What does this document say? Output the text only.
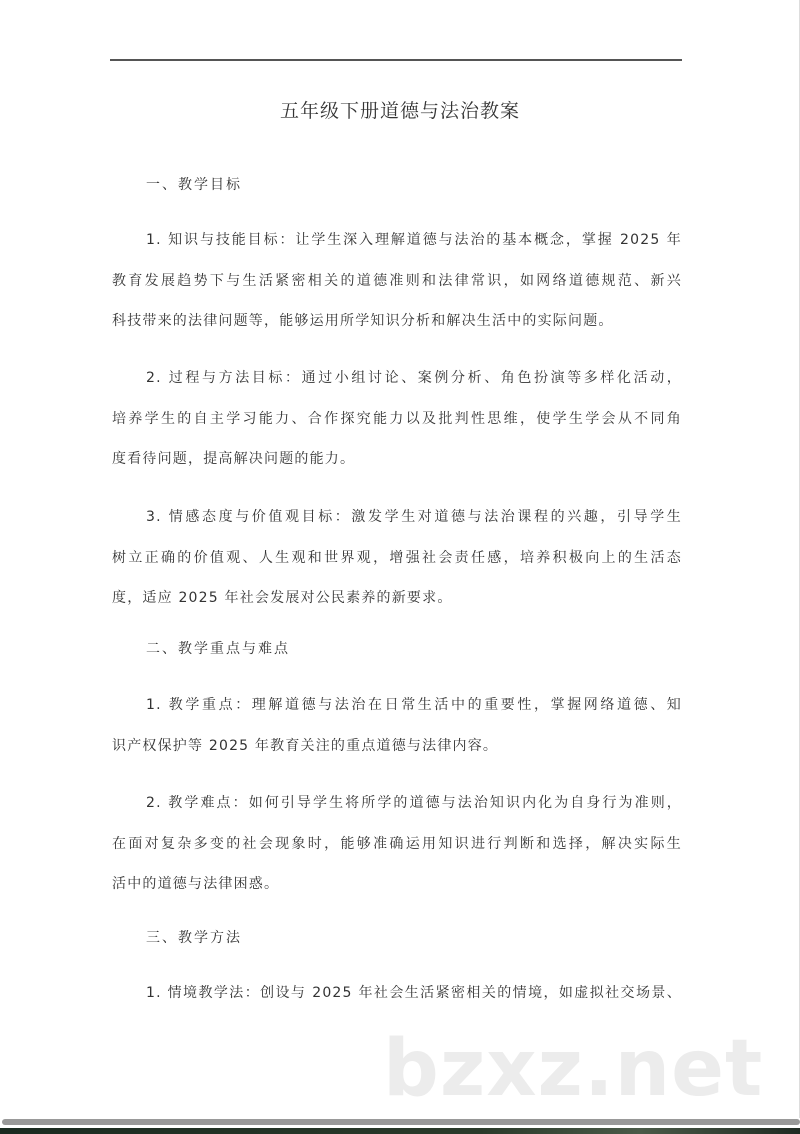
五年级下册道德与法治教案
一、教学目标
1. 知识与技能目标：让学生深入理解道德与法治的基本概念，掌握 2025 年
教育发展趋势下与生活紧密相关的道德准则和法律常识，如网络道德规范、新兴
科技带来的法律问题等，能够运用所学知识分析和解决生活中的实际问题。
2. 过程与方法目标：通过小组讨论、案例分析、角色扮演等多样化活动，
培养学生的自主学习能力、合作探究能力以及批判性思维，使学生学会从不同角
度看待问题，提高解决问题的能力。
3. 情感态度与价值观目标：激发学生对道德与法治课程的兴趣，引导学生
树立正确的价值观、人生观和世界观，增强社会责任感，培养积极向上的生活态
度，适应 2025 年社会发展对公民素养的新要求。
二、教学重点与难点
1. 教学重点：理解道德与法治在日常生活中的重要性，掌握网络道德、知
识产权保护等 2025 年教育关注的重点道德与法律内容。
2. 教学难点：如何引导学生将所学的道德与法治知识内化为自身行为准则，
在面对复杂多变的社会现象时，能够准确运用知识进行判断和选择，解决实际生
活中的道德与法律困惑。
三、教学方法
1. 情境教学法：创设与 2025 年社会生活紧密相关的情境，如虚拟社交场景、
bzxz.net
